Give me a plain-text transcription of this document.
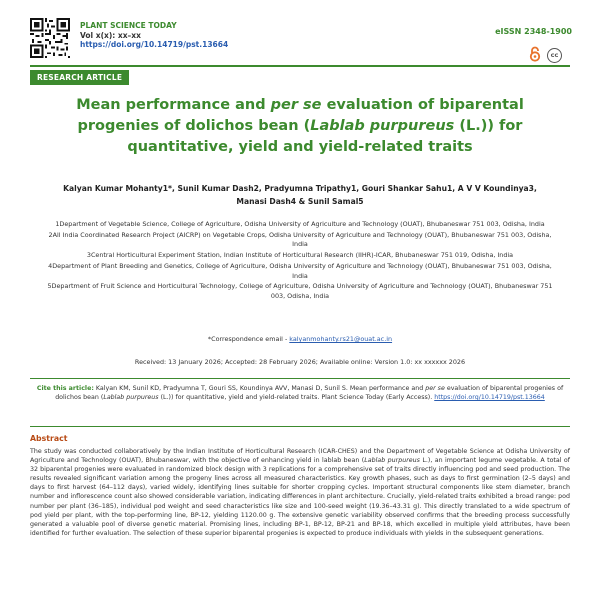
PLANT SCIENCE TODAY
Vol x(x): xx–xx
https://doi.org/10.14719/pst.13664
eISSN 2348-1900
cc
RESEARCH ARTICLE
Mean performance and per se evaluation of biparental progenies of dolichos bean (Lablab purpureus (L.)) for quantitative, yield and yield-related traits
Kalyan Kumar Mohanty1*, Sunil Kumar Dash2, Pradyumna Tripathy1, Gouri Shankar Sahu1, A V V Koundinya3, Manasi Dash4 & Sunil Samal5
1Department of Vegetable Science, College of Agriculture, Odisha University of Agriculture and Technology (OUAT), Bhubaneswar 751 003, Odisha, India
2All India Coordinated Research Project (AICRP) on Vegetable Crops, Odisha University of Agriculture and Technology (OUAT), Bhubaneswar 751 003, Odisha, India
3Central Horticultural Experiment Station, Indian Institute of Horticultural Research (IIHR)-ICAR, Bhubaneswar 751 019, Odisha, India
4Department of Plant Breeding and Genetics, College of Agriculture, Odisha University of Agriculture and Technology (OUAT), Bhubaneswar 751 003, Odisha, India
5Department of Fruit Science and Horticultural Technology, College of Agriculture, Odisha University of Agriculture and Technology (OUAT), Bhubaneswar 751 003, Odisha, India
*Correspondence email - kalyanmohanty.rs21@ouat.ac.in
Received: 13 January 2026; Accepted: 28 February 2026; Available online: Version 1.0: xx xxxxxx 2026
Cite this article: Kalyan KM, Sunil KD, Pradyumna T, Gouri SS, Koundinya AVV, Manasi D, Sunil S. Mean performance and per se evaluation of biparental progenies of dolichos bean (Lablab purpureus (L.)) for quantitative, yield and yield-related traits. Plant Science Today (Early Access). https://doi.org/10.14719/pst.13664
Abstract
The study was conducted collaboratively by the Indian Institute of Horticultural Research (ICAR-CHES) and the Department of Vegetable Science at Odisha University of Agriculture and Technology (OUAT), Bhubaneswar, with the objective of enhancing yield in lablab bean (Lablab purpureus L.), an important legume vegetable. A total of 32 biparental progenies were evaluated in randomized block design with 3 replications for a comprehensive set of traits directly influencing pod and seed production. The results revealed significant variation among the progeny lines across all measured characteristics. Key growth phases, such as days to first germination (2–5 days) and days to first harvest (64–112 days), varied widely, identifying lines suitable for shorter cropping cycles. Important structural components like stem diameter, branch number and inflorescence count also showed considerable variation, indicating differences in plant architecture. Crucially, yield-related traits exhibited a broad range: pod number per plant (36–185), individual pod weight and seed characteristics like size and 100-seed weight (19.36–43.31 g). This directly translated to a wide spectrum of pod yield per plant, with the top-performing line, BP-12, yielding 1120.00 g. The extensive genetic variability observed confirms that the breeding process successfully generated a valuable pool of diverse genetic material. Promising lines, including BP-1, BP-12, BP-21 and BP-18, which excelled in multiple yield attributes, have been identified for further evaluation. The selection of these superior biparental progenies is expected to produce individuals with yields in the subsequent generations.
